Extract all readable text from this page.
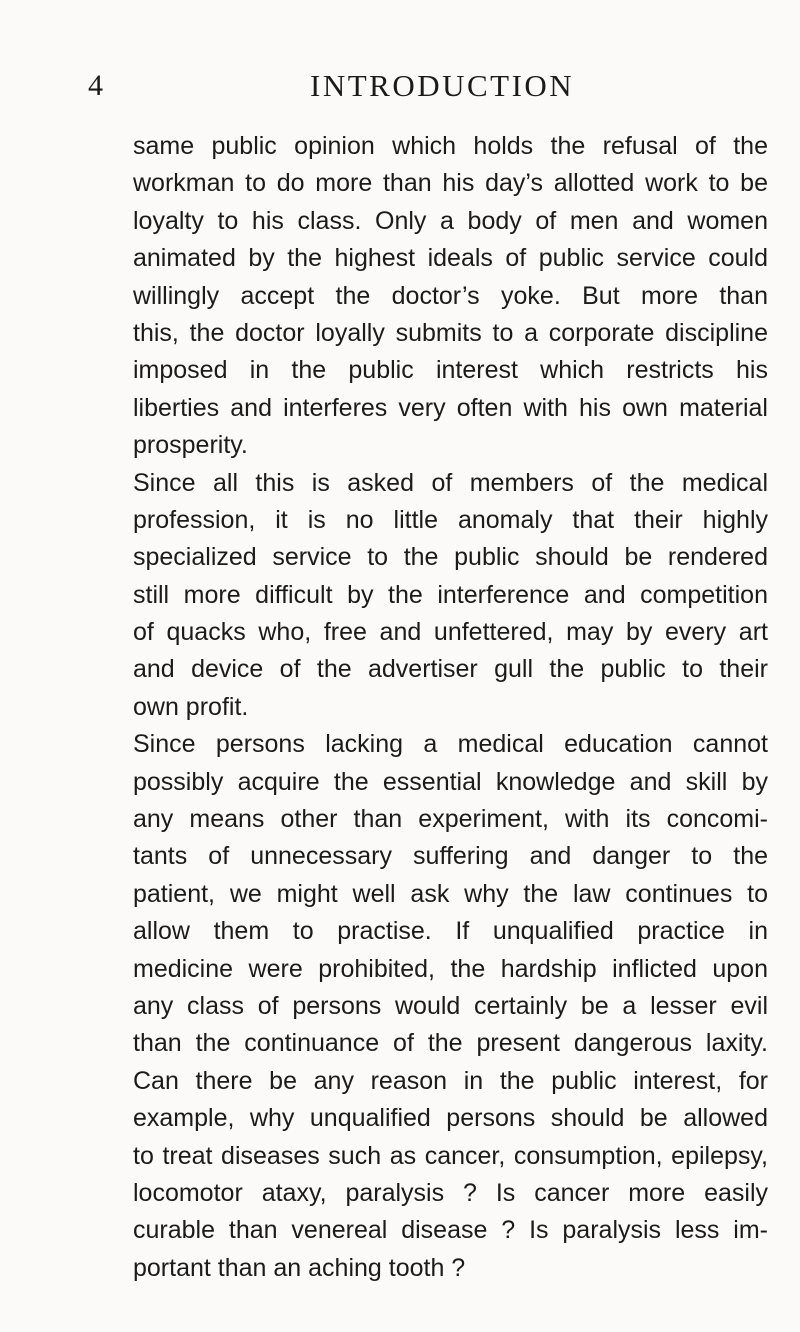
4	INTRODUCTION
same public opinion which holds the refusal of the
workman to do more than his day’s allotted work to be
loyalty to his class. Only a body of men and women
animated by the highest ideals of public service could
willingly accept the doctor’s yoke. But more than
this, the doctor loyally submits to a corporate discipline
imposed in the public interest which restricts his
liberties and interferes very often with his own material
prosperity.
Since all this is asked of members of the medical
profession, it is no little anomaly that their highly
specialized service to the public should be rendered
still more difficult by the interference and competition
of quacks who, free and unfettered, may by every art
and device of the advertiser gull the public to their
own profit.
Since persons lacking a medical education cannot
possibly acquire the essential knowledge and skill by
any means other than experiment, with its concomi-
tants of unnecessary suffering and danger to the
patient, we might well ask why the law continues to
allow them to practise. If unqualified practice in
medicine were prohibited, the hardship inflicted upon
any class of persons would certainly be a lesser evil
than the continuance of the present dangerous laxity.
Can there be any reason in the public interest, for
example, why unqualified persons should be allowed
to treat diseases such as cancer, consumption, epilepsy,
locomotor ataxy, paralysis ? Is cancer more easily
curable than venereal disease ? Is paralysis less im-
portant than an aching tooth ?
